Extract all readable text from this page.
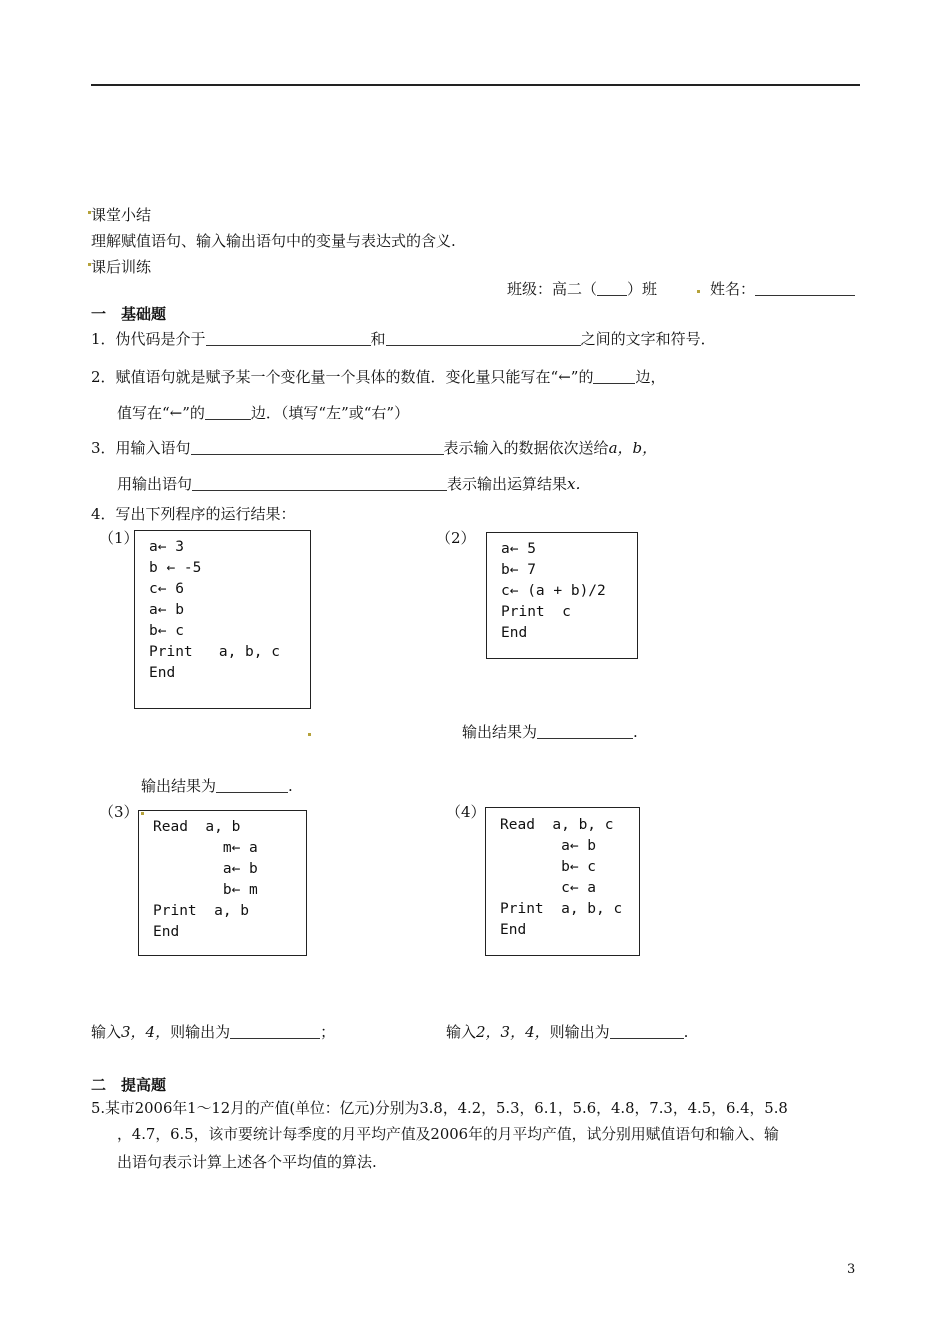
课堂小结
理解赋值语句、输入输出语句中的变量与表达式的含义.
课后训练
班级：高二（ ）班	姓名：
一　基础题
1．伪代码是介于	和	之间的文字和符号．
2．赋值语句就是赋予某一个变化量一个具体的数值．变化量只能写在“←”的	边，
值写在“←”的	边．（填写“左”或“右”）
3．用输入语句	表示输入的数据依次送给a，b，
用输出语句	表示输出运算结果x．
4．写出下列程序的运行结果：
（1） a← 3
b ← -5
c← 6
a← b
b← c
Print   a, b, c
End
（2）
a← 5
b← 7
c← (a + b)/2
Print  c
End
输出结果为	.
输出结果为	.
（3）
Read  a, b
m← a
a← b
b← m
Print  a, b
End
（4）
Read  a, b, c
a← b
b← c
c← a
Print  a, b, c
End
输入3，4，则输出为	；	输入2，3，4，则输出为	.
二　提高题
5.某市2006年1～12月的产值(单位：亿元)分别为3.8，4.2，5.3，6.1，5.6，4.8，7.3，4.5，6.4，5.8
，4.7，6.5，该市要统计每季度的月平均产值及2006年的月平均产值，试分别用赋值语句和输入、输
出语句表示计算上述各个平均值的算法.
3
